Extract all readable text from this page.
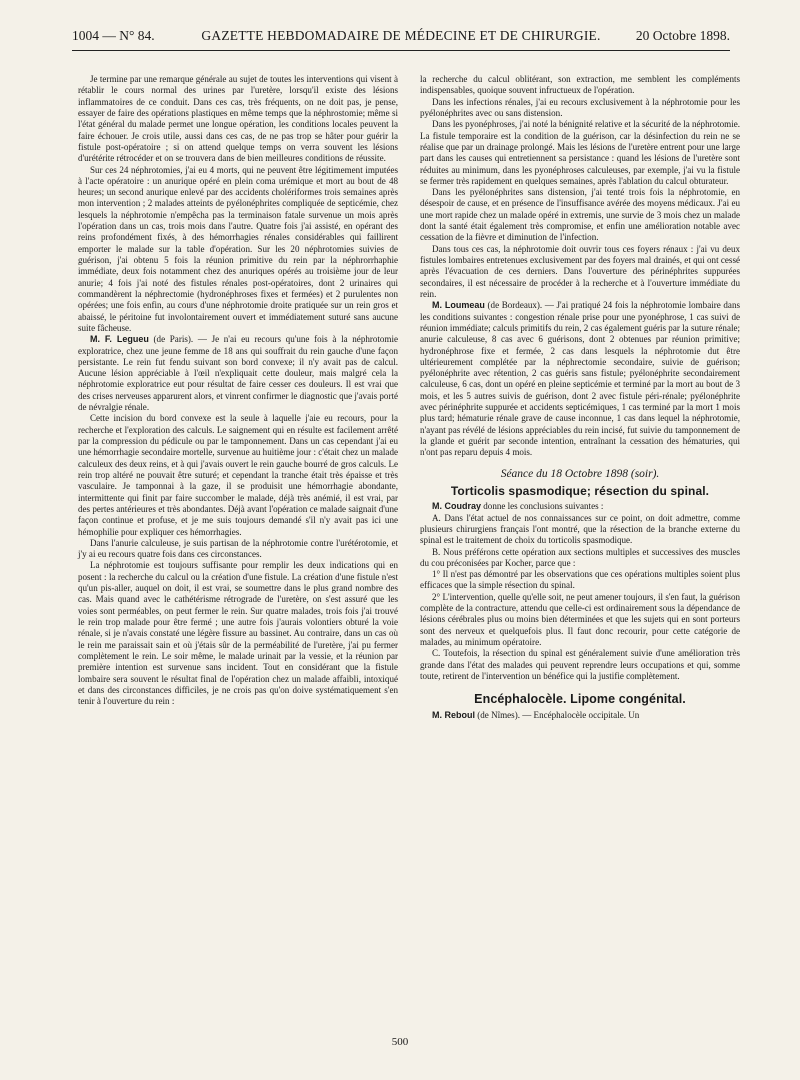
1004 — N° 84.	GAZETTE HEBDOMADAIRE DE MÉDECINE ET DE CHIRURGIE.	20 Octobre 1898.

Je termine par une remarque générale au sujet de toutes les interventions qui visent à rétablir le cours normal des urines par l'uretère, lorsqu'il existe des lésions inflammatoires de ce conduit. Dans ces cas, très fréquents, on ne doit pas, je pense, essayer de faire des opérations plastiques en même temps que la néphrostomie; même si l'état général du malade permet une longue opération, les conditions locales peuvent la faire échouer. Je crois utile, aussi dans ces cas, de ne pas trop se hâter pour guérir la fistule post-opératoire ; si on attend quelque temps on verra souvent les lésions d'urétérite rétrocéder et on se trouvera dans de bien meilleures conditions de réussite.

Sur ces 24 néphrotomies, j'ai eu 4 morts, qui ne peuvent être légitimement imputées à l'acte opératoire : un anurique opéré en plein coma urémique et mort au bout de 48 heures; un second anurique enlevé par des accidents cholériformes trois semaines après mon intervention ; 2 malades atteints de pyélonéphrites compliquée de septicémie, chez lesquels la néphrotomie n'empêcha pas la terminaison fatale survenue un mois après l'opération dans un cas, trois mois dans l'autre. Quatre fois j'ai assisté, en opérant des reins profondément fixés, à des hémorrhagies rénales considérables qui faillirent emporter le malade sur la table d'opération. Sur les 20 néphrotomies suivies de guérison, j'ai obtenu 5 fois la réunion primitive du rein par la néphrorrhaphie immédiate, deux fois notamment chez des anuriques opérés au troisième jour de leur anurie; 4 fois j'ai noté des fistules rénales post-opératoires, dont 2 urinaires qui commandèrent la néphrectomie (hydronéphroses fixes et fermées) et 2 purulentes non opérées; une fois enfin, au cours d'une néphrotomie droite pratiquée sur un rein gros et abaissé, le péritoine fut involontairement ouvert et immédiatement suturé sans aucune suite fâcheuse.

M. F. Legueu (de Paris). — Je n'ai eu recours qu'une fois à la néphrotomie exploratrice, chez une jeune femme de 18 ans qui souffrait du rein gauche d'une façon persistante. Le rein fut fendu suivant son bord convexe; il n'y avait pas de calcul. Aucune lésion appréciable à l'œil n'expliquait cette douleur, mais malgré cela la néphrotomie exploratrice eut pour résultat de faire cesser ces douleurs. Il est vrai que des crises nerveuses apparurent alors, et vinrent confirmer le diagnostic que j'avais porté de névralgie rénale.

Cette incision du bord convexe est la seule à laquelle j'aie eu recours, pour la recherche et l'exploration des calculs. Le saignement qui en résulte est facilement arrêté par la compression du pédicule ou par le tamponnement. Dans un cas cependant j'ai eu une hémorrhagie secondaire mortelle, survenue au huitième jour : c'était chez un malade calculeux des deux reins, et à qui j'avais ouvert le rein gauche bourré de gros calculs. Le rein trop altéré ne pouvait être suturé; et cependant la tranche était très épaisse et très vasculaire. Je tamponnai à la gaze, il se produisit une hémorrhagie abondante, intermittente qui finit par faire succomber le malade, déjà très anémié, il est vrai, par des pertes antérieures et très abondantes. Déjà avant l'opération ce malade saignait d'une façon continue et profuse, et je me suis toujours demandé s'il n'y avait pas ici une hémophilie pour expliquer ces hémorrhagies.

Dans l'anurie calculeuse, je suis partisan de la néphrotomie contre l'urétérotomie, et j'y ai eu recours quatre fois dans ces circonstances.

La néphrotomie est toujours suffisante pour remplir les deux indications qui en posent : la recherche du calcul ou la création d'une fistule. La création d'une fistule n'est qu'un pis-aller, auquel on doit, il est vrai, se soumettre dans le plus grand nombre des cas. Mais quand avec le cathétérisme rétrograde de l'uretère, on s'est assuré que les voies sont perméables, on peut fermer le rein. Sur quatre malades, trois fois j'ai trouvé le rein trop malade pour être fermé ; une autre fois j'aurais volontiers obturé la voie rénale, si je n'avais constaté une légère fissure au bassinet. Au contraire, dans un cas où le rein me paraissait sain et où j'étais sûr de la perméabilité de l'uretère, j'ai pu fermer complètement le rein. Le soir même, le malade urinait par la vessie, et la réunion par première intention est survenue sans incident. Tout en considérant que la fistule lombaire sera souvent le résultat final de l'opération chez un malade affaibli, intoxiqué et dans des circonstances difficiles, je ne crois pas qu'on doive systématiquement s'en tenir à l'ouverture du rein :

la recherche du calcul oblitérant, son extraction, me semblent les compléments indispensables, quoique souvent infructueux de l'opération.

Dans les infections rénales, j'ai eu recours exclusivement à la néphrotomie pour les pyélonéphrites avec ou sans distension.

Dans les pyonéphroses, j'ai noté la bénignité relative et la sécurité de la néphrotomie. La fistule temporaire est la condition de la guérison, car la désinfection du rein ne se réalise que par un drainage prolongé. Mais les lésions de l'uretère entrent pour une large part dans les causes qui entretiennent sa persistance : quand les lésions de l'uretère sont réduites au minimum, dans les pyonéphroses calculeuses, par exemple, j'ai vu la fistule se fermer très rapidement en quelques semaines, après l'ablation du calcul obturateur.

Dans les pyélonéphrites sans distension, j'ai tenté trois fois la néphrotomie, en désespoir de cause, et en présence de l'insuffisance avérée des moyens médicaux. J'ai eu une mort rapide chez un malade opéré in extremis, une survie de 3 mois chez un malade dont la santé était également très compromise, et enfin une amélioration notable avec cessation de la fièvre et diminution de l'infection.

Dans tous ces cas, la néphrotomie doit ouvrir tous ces foyers rénaux : j'ai vu deux fistules lombaires entretenues exclusivement par des foyers mal drainés, et qui ont cessé après l'évacuation de ces derniers. Dans l'ouverture des périnéphrites suppurées secondaires, il est nécessaire de procéder à la recherche et à l'ouverture immédiate du rein.

M. Loumeau (de Bordeaux). — J'ai pratiqué 24 fois la néphrotomie lombaire dans les conditions suivantes : congestion rénale prise pour une pyonéphrose, 1 cas suivi de réunion immédiate; calculs primitifs du rein, 2 cas également guéris par la suture rénale; anurie calculeuse, 8 cas avec 6 guérisons, dont 2 obtenues par réunion primitive; hydronéphrose fixe et fermée, 2 cas dans lesquels la néphrotomie dut être ultérieurement complétée par la néphrectomie secondaire, suivie de guérison; pyélonéphrite avec rétention, 2 cas guéris sans fistule; pyélonéphrite secondairement calculeuse, 6 cas, dont un opéré en pleine septicémie et terminé par la mort au bout de 3 mois, et les 5 autres suivis de guérison, dont 2 avec fistule péri-rénale; pyélonéphrite avec périnéphrite suppurée et accidents septicémiques, 1 cas terminé par la mort 1 mois plus tard; hématurie rénale grave de cause inconnue, 1 cas dans lequel la néphrotomie, n'ayant pas révélé de lésions appréciables du rein incisé, fut suivie du tamponnement de la glande et guérit par seconde intention, entraînant la cessation des hématuries, qui n'ont pas reparu depuis 4 mois.

Séance du 18 Octobre 1898 (soir).
Torticolis spasmodique; résection du spinal.

M. Coudray donne les conclusions suivantes :

A. Dans l'état actuel de nos connaissances sur ce point, on doit admettre, comme plusieurs chirurgiens français l'ont montré, que la résection de la branche externe du spinal est le traitement de choix du torticolis spasmodique.

B. Nous préférons cette opération aux sections multiples et successives des muscles du cou préconisées par Kocher, parce que :

1° Il n'est pas démontré par les observations que ces opérations multiples soient plus efficaces que la simple résection du spinal.

2° L'intervention, quelle qu'elle soit, ne peut amener toujours, il s'en faut, la guérison complète de la contracture, attendu que celle-ci est ordinairement sous la dépendance de lésions cérébrales plus ou moins bien déterminées et que les sujets qui en sont porteurs sont des nerveux et quelquefois plus. Il faut donc recourir, pour cette catégorie de malades, au minimum opératoire.

C. Toutefois, la résection du spinal est généralement suivie d'une amélioration très grande dans l'état des malades qui peuvent reprendre leurs occupations et qui, somme toute, retirent de l'intervention un bénéfice qui la justifie complètement.

Encéphalocèle. Lipome congénital.

M. Reboul (de Nîmes). — Encéphalocèle occipitale. Un

500
